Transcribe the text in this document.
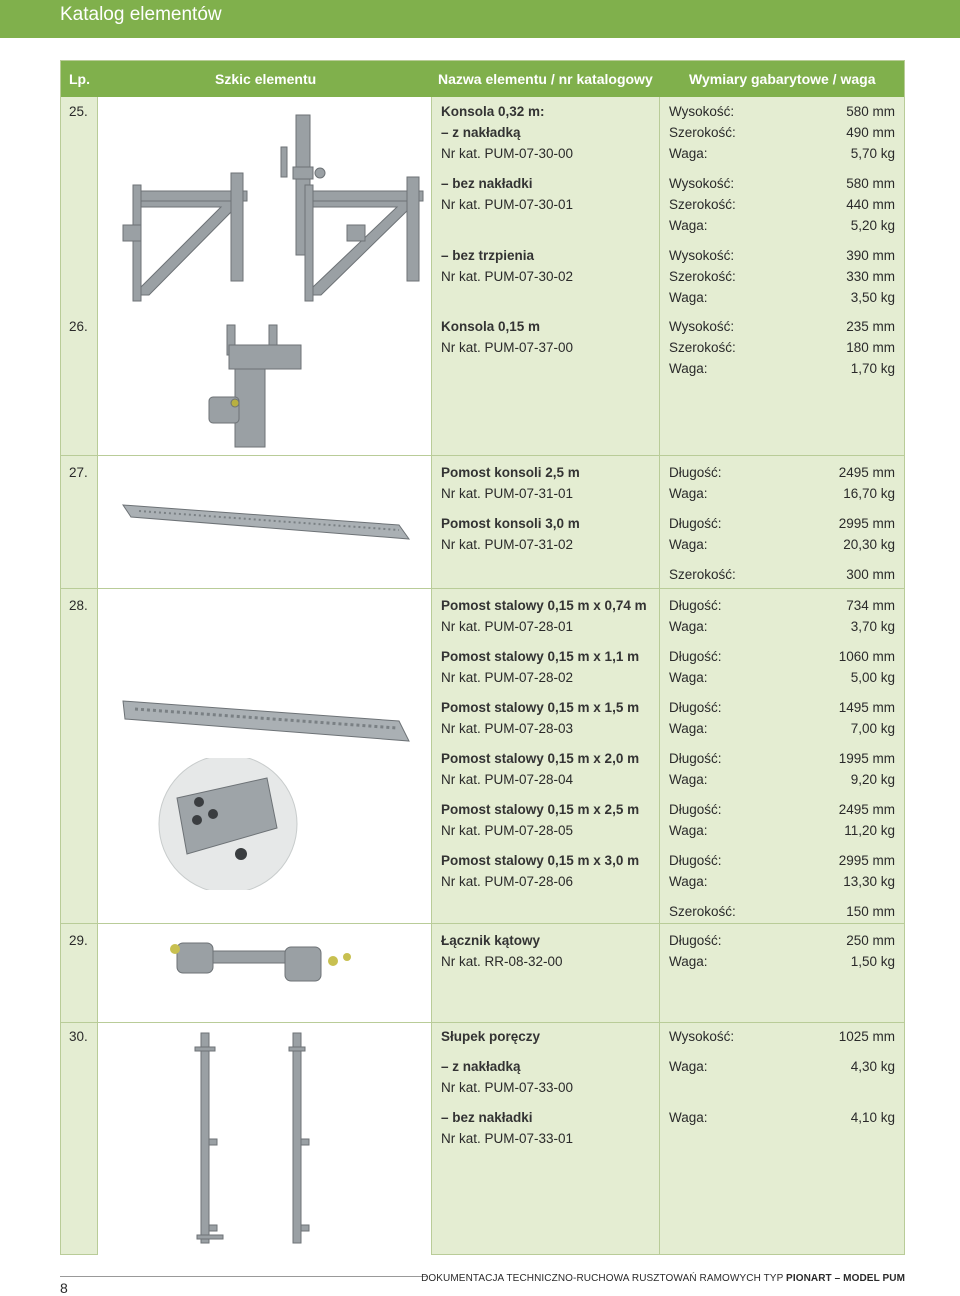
Katalog elementów
Lp.	Szkic elementu	Nazwa elementu / nr katalogowy	Wymiary gabarytowe / waga
25.	Konsola 0,32 m:
– z nakładką
Nr kat. PUM-07-30-00
Wysokość:	580 mm
Szerokość:	490 mm
Waga:	5,70 kg
– bez nakładki
Nr kat. PUM-07-30-01
Wysokość:	580 mm
Szerokość:	440 mm
Waga:	5,20 kg
– bez trzpienia
Nr kat. PUM-07-30-02
Wysokość:	390 mm
Szerokość:	330 mm
Waga:	3,50 kg
26.	Konsola 0,15 m
Nr kat. PUM-07-37-00
Wysokość:	235 mm
Szerokość:	180 mm
Waga:	1,70 kg
27.	Pomost konsoli 2,5 m
Nr kat. PUM-07-31-01
Długość:	2495 mm
Waga:	16,70 kg
Pomost konsoli 3,0 m
Nr kat. PUM-07-31-02
Długość:	2995 mm
Waga:	20,30 kg
Szerokość:	300 mm
28.	Pomost stalowy 0,15 m x 0,74 m
Nr kat. PUM-07-28-01
Długość:	734 mm
Waga:	3,70 kg
Pomost stalowy 0,15 m x 1,1 m
Nr kat. PUM-07-28-02
Długość:	1060 mm
Waga:	5,00 kg
Pomost stalowy 0,15 m x 1,5 m
Nr kat. PUM-07-28-03
Długość:	1495 mm
Waga:	7,00 kg
Pomost stalowy 0,15 m x 2,0 m
Nr kat. PUM-07-28-04
Długość:	1995 mm
Waga:	9,20 kg
Pomost stalowy 0,15 m x 2,5 m
Nr kat. PUM-07-28-05
Długość:	2495 mm
Waga:	11,20 kg
Pomost stalowy 0,15 m x 3,0 m
Nr kat. PUM-07-28-06
Długość:	2995 mm
Waga:	13,30 kg
Szerokość:	150 mm
29.	Łącznik kątowy
Nr kat. RR-08-32-00
Długość:	250 mm
Waga:	1,50 kg
30.	Słupek poręczy	Wysokość:	1025 mm
– z nakładką
Nr kat. PUM-07-33-00
Waga:	4,30 kg
– bez nakładki
Nr kat. PUM-07-33-01
Waga:	4,10 kg
8
DOKUMENTACJA TECHNICZNO-RUCHOWA RUSZTOWAŃ RAMOWYCH TYP PIONART – MODEL PUM
